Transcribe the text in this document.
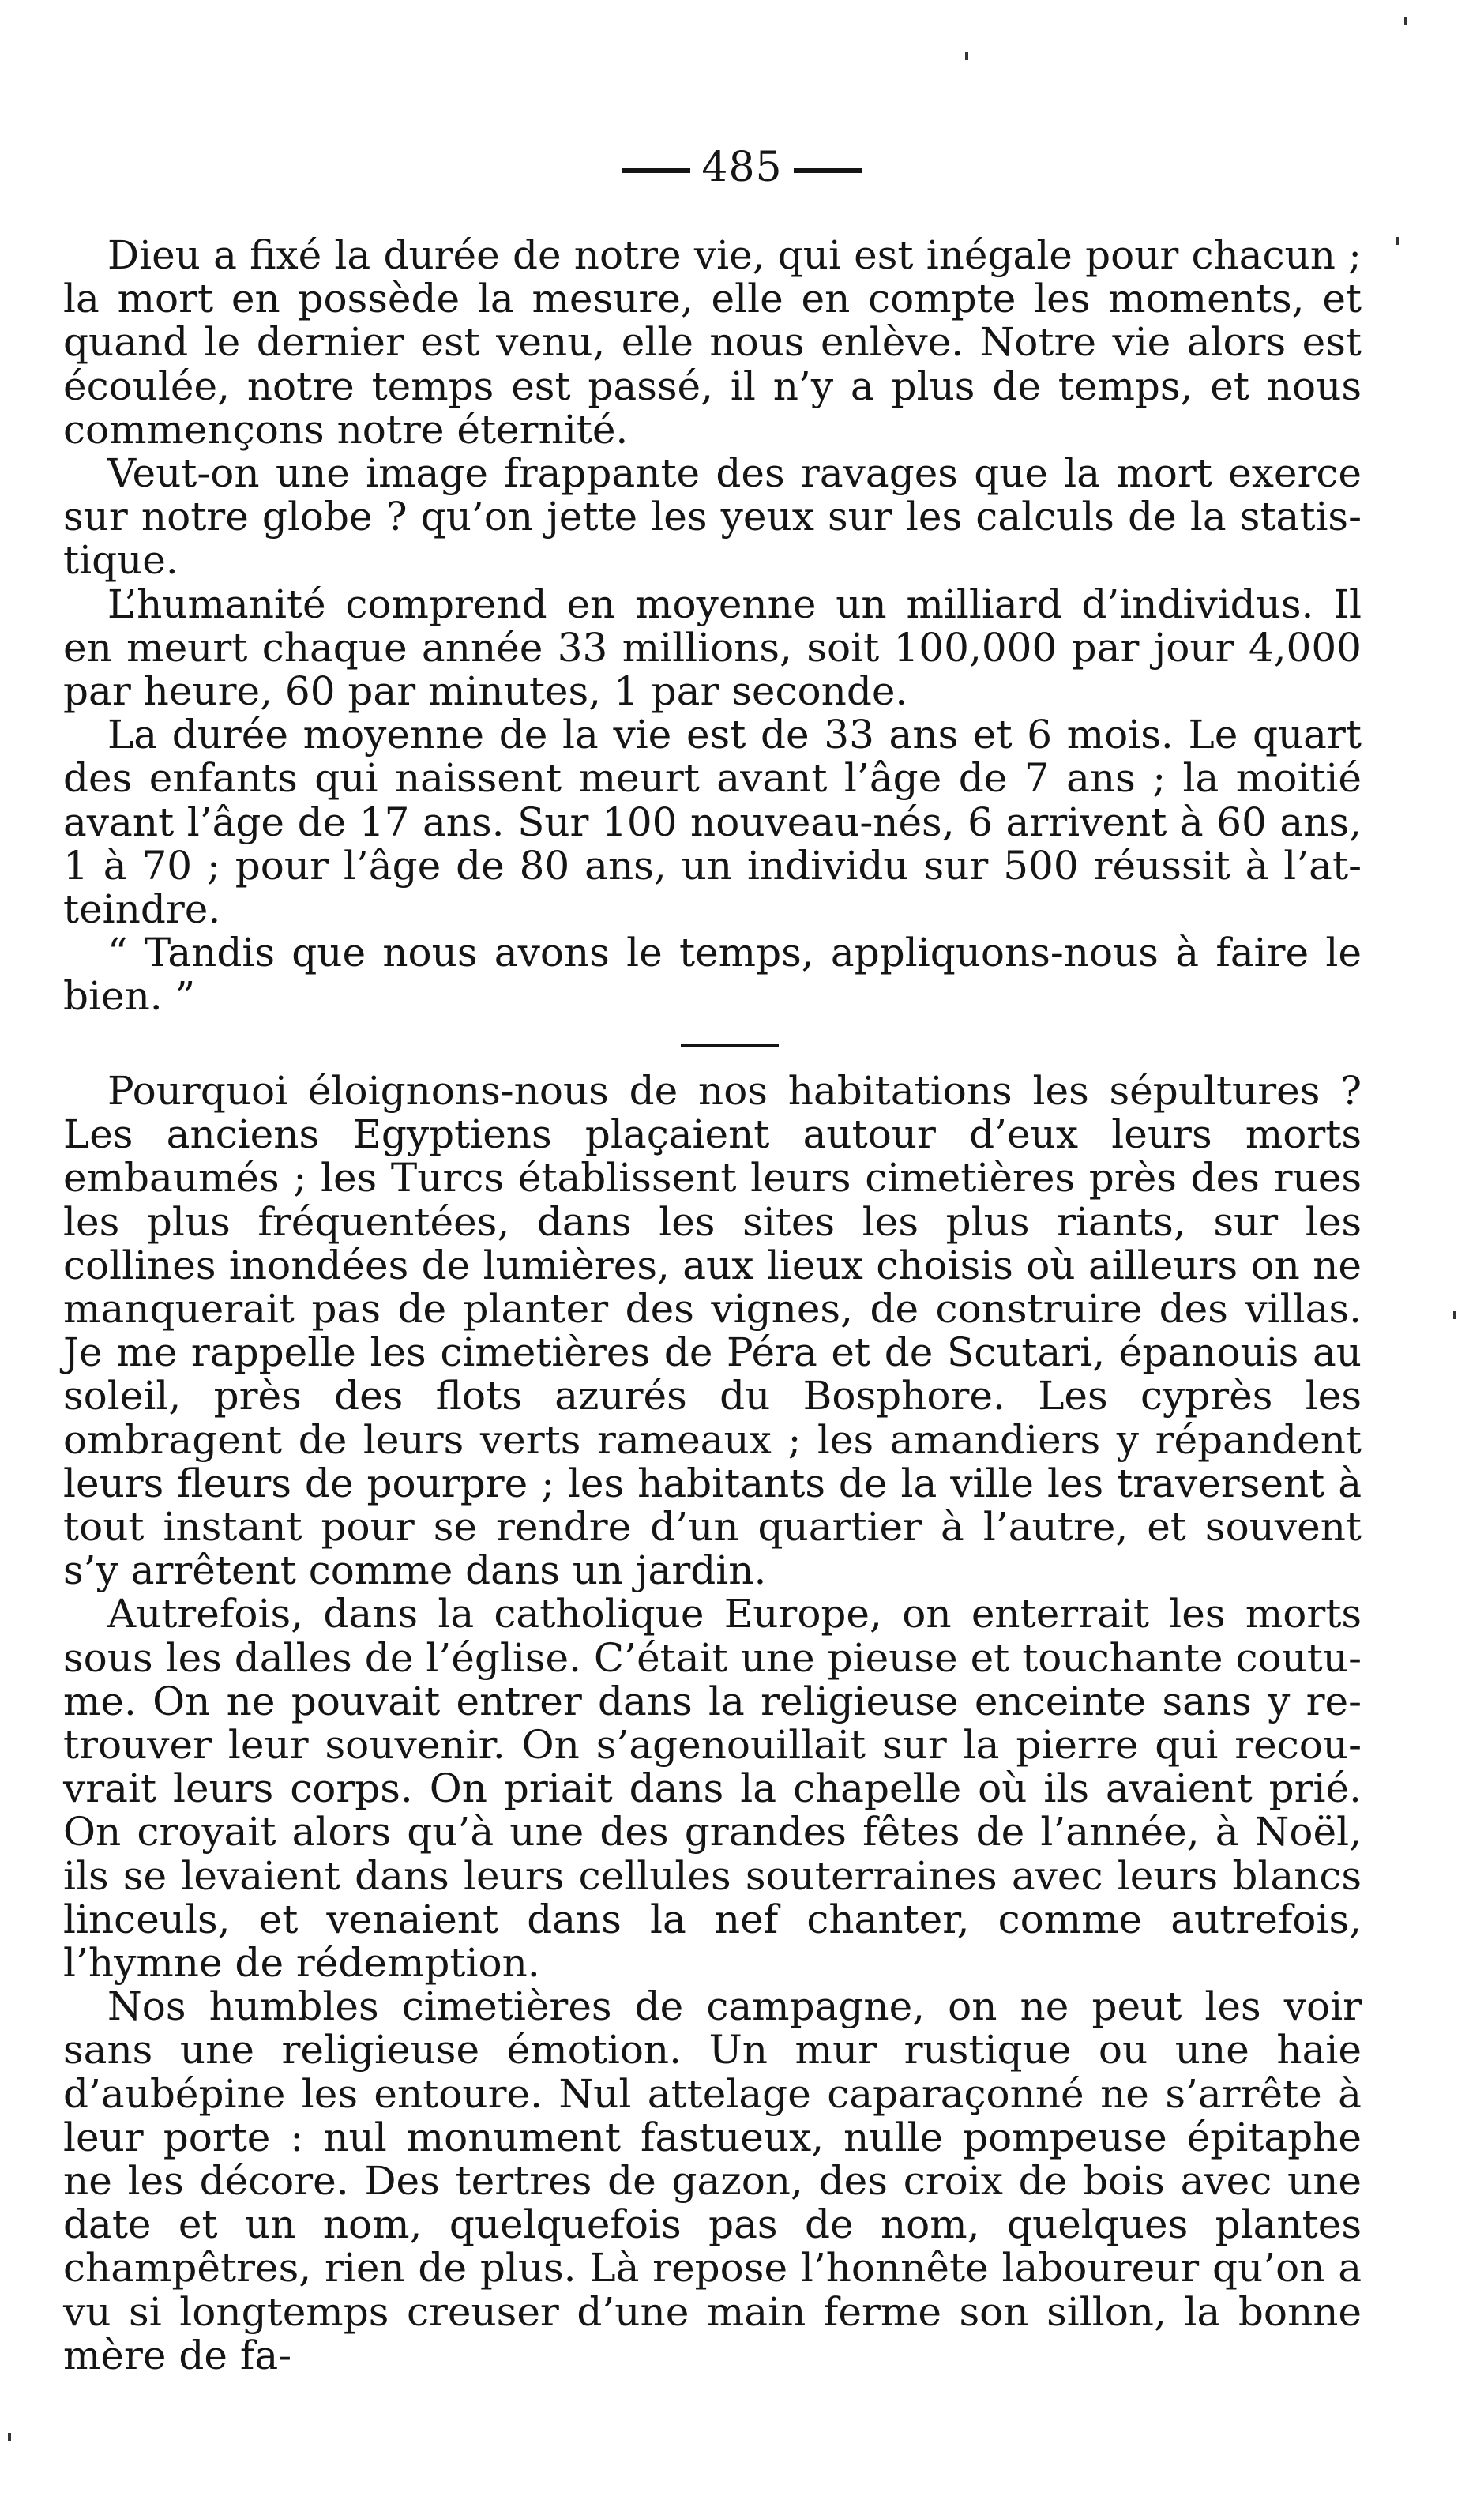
485

Dieu a fixé la durée de notre vie, qui est inégale pour chacun ; la mort en possède la mesure, elle en compte les moments, et quand le dernier est venu, elle nous enlève. Notre vie alors est écoulée, notre temps est passé, il n’y a plus de temps, et nous commençons notre éternité.

Veut-on une image frappante des ravages que la mort exerce sur notre globe ? qu’on jette les yeux sur les calculs de la statistique.

L’humanité comprend en moyenne un milliard d’individus. Il en meurt chaque année 33 millions, soit 100,000 par jour 4,000 par heure, 60 par minutes, 1 par seconde.

La durée moyenne de la vie est de 33 ans et 6 mois. Le quart des enfants qui naissent meurt avant l’âge de 7 ans ; la moitié avant l’âge de 17 ans. Sur 100 nouveau-nés, 6 arrivent à 60 ans, 1 à 70 ; pour l’âge de 80 ans, un individu sur 500 réussit à l’atteindre.

“ Tandis que nous avons le temps, appliquons-nous à faire le bien. ”

Pourquoi éloignons-nous de nos habitations les sépultures ? Les anciens Egyptiens plaçaient autour d’eux leurs morts embaumés ; les Turcs établissent leurs cimetières près des rues les plus fréquentées, dans les sites les plus riants, sur les collines inondées de lumières, aux lieux choisis où ailleurs on ne manquerait pas de planter des vignes, de construire des villas. Je me rappelle les cimetières de Péra et de Scutari, épanouis au soleil, près des flots azurés du Bosphore. Les cyprès les ombragent de leurs verts rameaux ; les amandiers y répandent leurs fleurs de pourpre ; les habitants de la ville les traversent à tout instant pour se rendre d’un quartier à l’autre, et souvent s’y arrêtent comme dans un jardin.

Autrefois, dans la catholique Europe, on enterrait les morts sous les dalles de l’église. C’était une pieuse et touchante coutume. On ne pouvait entrer dans la religieuse enceinte sans y retrouver leur souvenir. On s’agenouillait sur la pierre qui recouvrait leurs corps. On priait dans la chapelle où ils avaient prié. On croyait alors qu’à une des grandes fêtes de l’année, à Noël, ils se levaient dans leurs cellules souterraines avec leurs blancs linceuls, et venaient dans la nef chanter, comme autrefois, l’hymne de rédemption.

Nos humbles cimetières de campagne, on ne peut les voir sans une religieuse émotion. Un mur rustique ou une haie d’aubépine les entoure. Nul attelage caparaçonné ne s’arrête à leur porte : nul monument fastueux, nulle pompeuse épitaphe ne les décore. Des tertres de gazon, des croix de bois avec une date et un nom, quelquefois pas de nom, quelques plantes champêtres, rien de plus. Là repose l’honnête laboureur qu’on a vu si longtemps creuser d’une main ferme son sillon, la bonne mère de fa-
